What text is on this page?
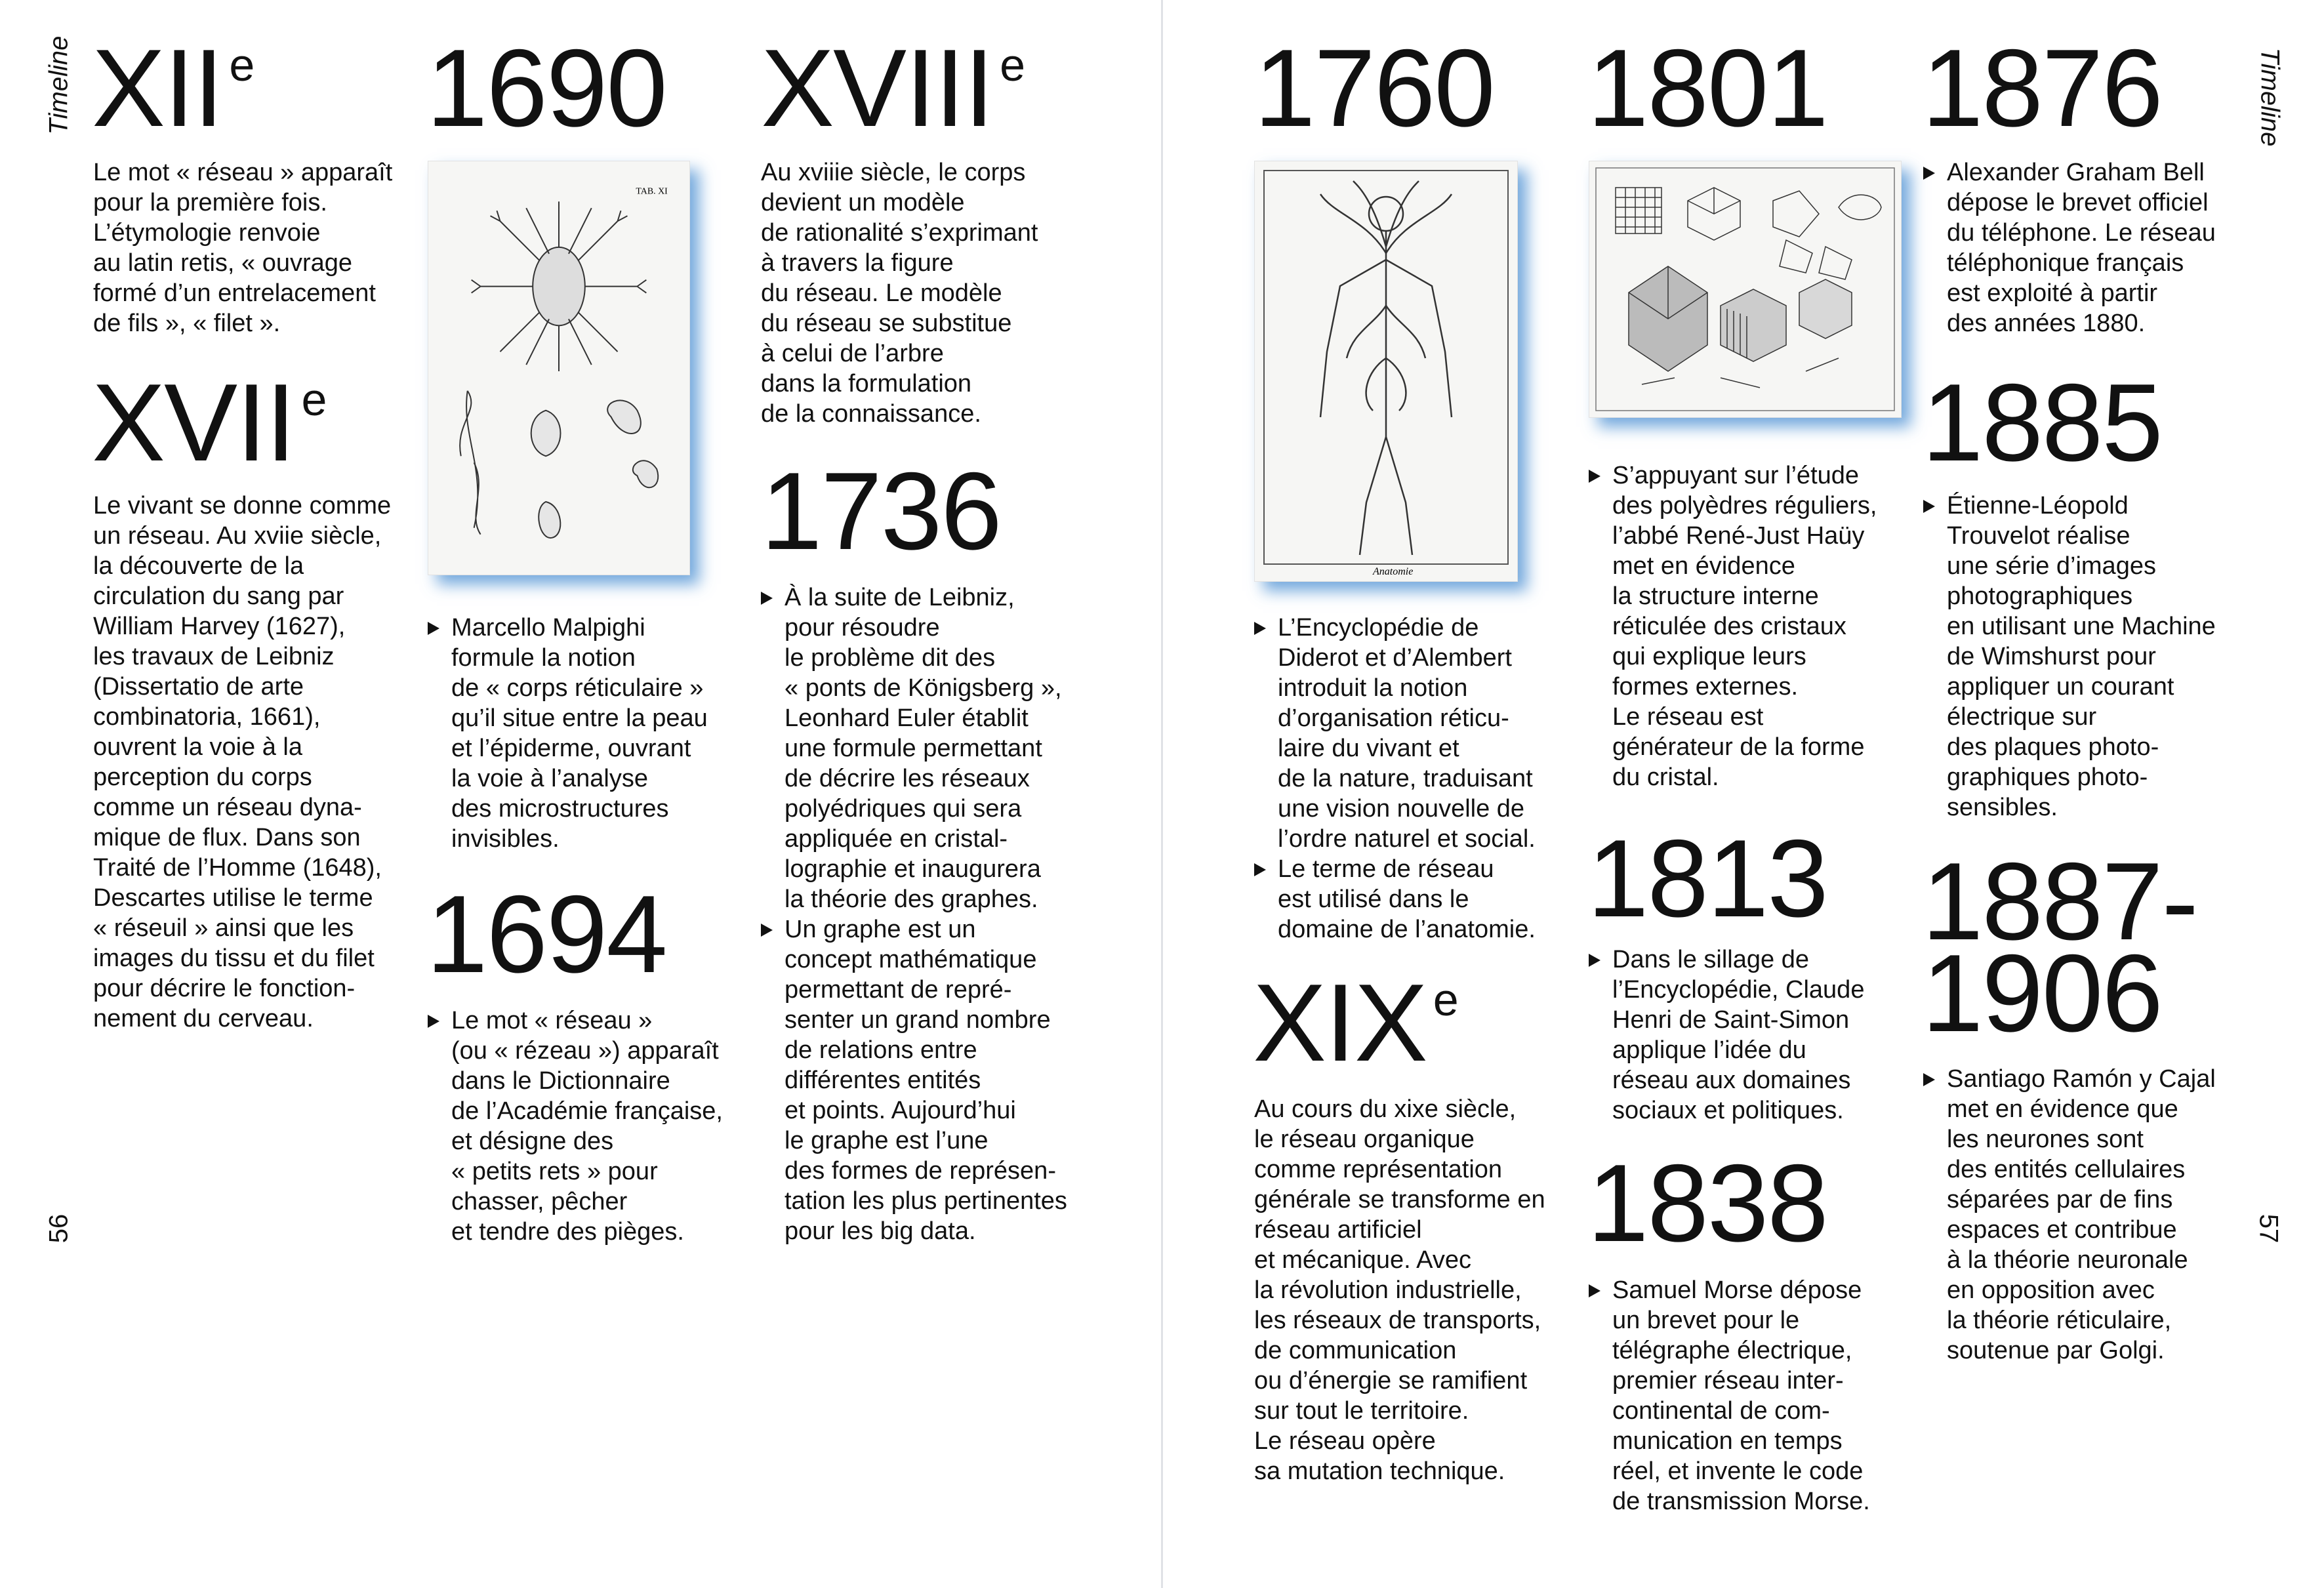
Timeline	Timeline
56	57
XII $^e$
Le mot « réseau » apparaît
pour la première fois.
L’étymologie renvoie
au latin retis, « ouvrage
formé d’un entrelacement
de fils », « filet ».
XVII $^e$
Le vivant se donne comme
un réseau. Au xviie siècle,
la découverte de la
circulation du sang par
William Harvey (1627),
les travaux de Leibniz
(Dissertatio de arte
combinatoria, 1661),
ouvrent la voie à la
perception du corps
comme un réseau dyna-
mique de flux. Dans son
Traité de l’Homme (1648),
Descartes utilise le terme
« réseuil » ainsi que les
images du tissu et du filet
pour décrire le fonction-
nement du cerveau.
1690
TAB. XI
Marcello Malpighi
formule la notion
de « corps réticulaire »
qu’il situe entre la peau
et l’épiderme, ouvrant
la voie à l’analyse
des microstructures
invisibles.
1694
Le mot « réseau »
(ou « rézeau ») apparaît
dans le Dictionnaire
de l’Académie française,
et désigne des
« petits rets » pour
chasser, pêcher
et tendre des pièges.
XVIII $^e$
Au xviiie siècle, le corps
devient un modèle
de rationalité s’exprimant
à travers la figure
du réseau. Le modèle
du réseau se substitue
à celui de l’arbre
dans la formulation
de la connaissance.
1736
À la suite de Leibniz,
pour résoudre
le problème dit des
« ponts de Königsberg »,
Leonhard Euler établit
une formule permettant
de décrire les réseaux
polyédriques qui sera
appliquée en cristal-
lographie et inaugurera
la théorie des graphes.
Un graphe est un
concept mathématique
permettant de repré-
senter un grand nombre
de relations entre
différentes entités
et points. Aujourd’hui
le graphe est l’une
des formes de représen-
tation les plus pertinentes
pour les big data.
1760
Anatomie
L’Encyclopédie de
Diderot et d’Alembert
introduit la notion
d’organisation réticu-
laire du vivant et
de la nature, traduisant
une vision nouvelle de
l’ordre naturel et social.
Le terme de réseau
est utilisé dans le
domaine de l’anatomie.
XIX $^e$
Au cours du xixe siècle,
le réseau organique
comme représentation
générale se transforme en
réseau artificiel
et mécanique. Avec
la révolution industrielle,
les réseaux de transports,
de communication
ou d’énergie se ramifient
sur tout le territoire.
Le réseau opère
sa mutation technique.
1801
S’appuyant sur l’étude
des polyèdres réguliers,
l’abbé René-Just Haüy
met en évidence
la structure interne
réticulée des cristaux
qui explique leurs
formes externes.
Le réseau est
générateur de la forme
du cristal.
1813
Dans le sillage de
l’Encyclopédie, Claude
Henri de Saint-Simon
applique l’idée du
réseau aux domaines
sociaux et politiques.
1838
Samuel Morse dépose
un brevet pour le
télégraphe électrique,
premier réseau inter-
continental de com-
munication en temps
réel, et invente le code
de transmission Morse.
1876
Alexander Graham Bell
dépose le brevet officiel
du téléphone. Le réseau
téléphonique français
est exploité à partir
des années 1880.
1885
Étienne-Léopold
Trouvelot réalise
une série d’images
photographiques
en utilisant une Machine
de Wimshurst pour
appliquer un courant
électrique sur
des plaques photo-
graphiques photo-
sensibles.
1887-
1906
Santiago Ramón y Cajal
met en évidence que
les neurones sont
des entités cellulaires
séparées par de fins
espaces et contribue
à la théorie neuronale
en opposition avec
la théorie réticulaire,
soutenue par Golgi.
